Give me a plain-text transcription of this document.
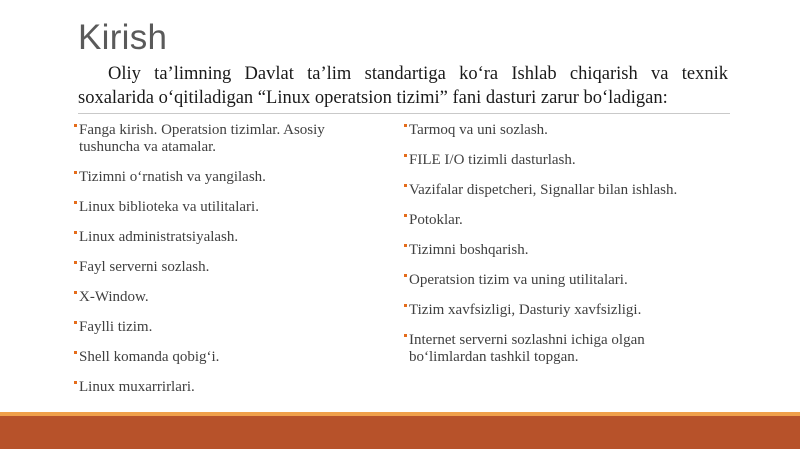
Kirish
Oliy ta’limning Davlat ta’lim standartiga ko‘ra Ishlab chiqarish va texnik soxalarida o‘qitiladigan “Linux operatsion tizimi” fani dasturi zarur bo‘ladigan:
Fanga kirish. Operatsion tizimlar. Asosiy tushuncha va atamalar.
Tizimni o‘rnatish va yangilash.
Linux biblioteka va utilitalari.
Linux administratsiyalash.
Fayl serverni sozlash.
X-Window.
Faylli tizim.
Shell komanda qobig‘i.
Linux muxarrirlari.
Tarmoq va uni sozlash.
FILE I/O tizimli dasturlash.
Vazifalar dispetcheri, Signallar bilan ishlash.
Potoklar.
Tizimni boshqarish.
Operatsion tizim va uning utilitalari.
Tizim xavfsizligi, Dasturiy xavfsizligi.
Internet serverni sozlashni ichiga olgan bo‘limlardan tashkil topgan.
